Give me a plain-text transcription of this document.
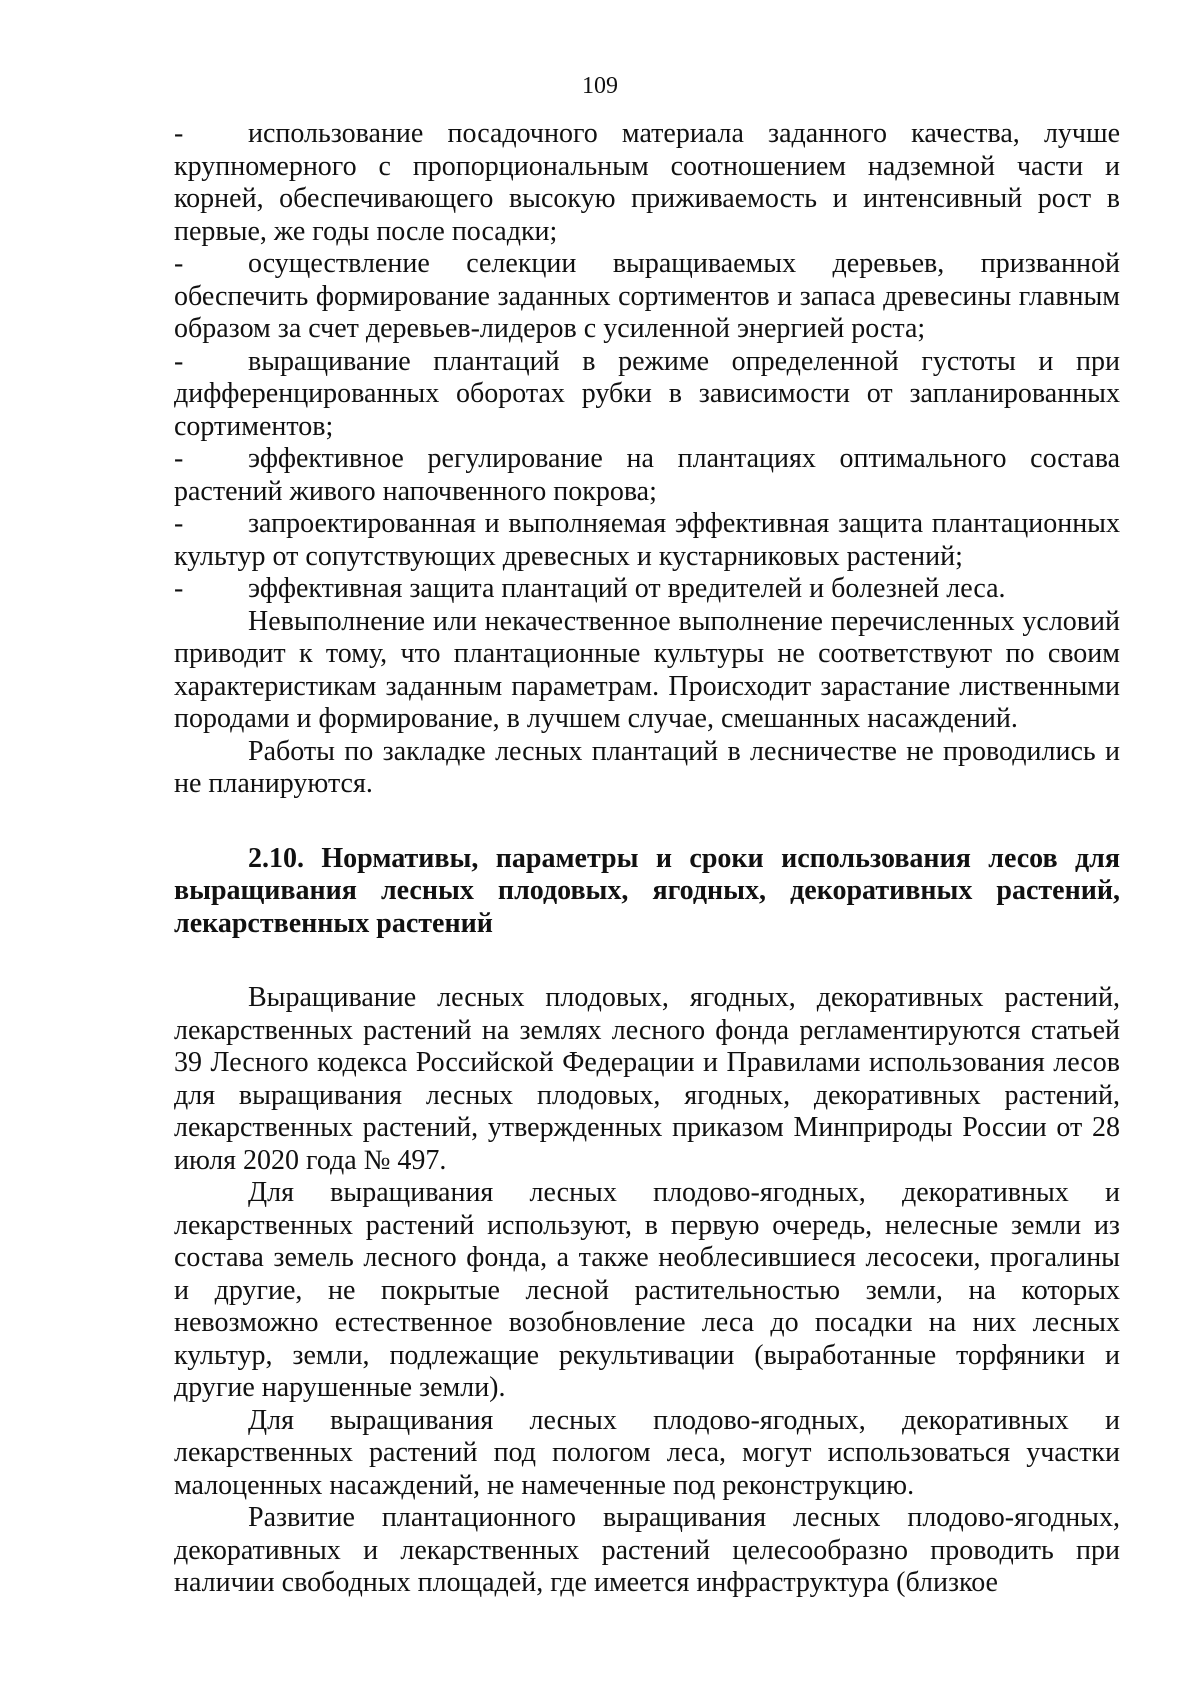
109

-	использование посадочного материала заданного качества, лучше крупномерного с пропорциональным соотношением надземной части и корней, обеспечивающего высокую приживаемость и интенсивный рост в первые, же годы после посадки;

-	осуществление селекции выращиваемых деревьев, призванной обеспечить формирование заданных сортиментов и запаса древесины главным образом за счет деревьев-лидеров с усиленной энергией роста;

-	выращивание плантаций в режиме определенной густоты и при дифференцированных оборотах рубки в зависимости от запланированных сортиментов;

-	эффективное регулирование на плантациях оптимального состава растений живого напочвенного покрова;

-	запроектированная и выполняемая эффективная защита плантационных культур от сопутствующих древесных и кустарниковых растений;

-	эффективная защита плантаций от вредителей и болезней леса.

Невыполнение или некачественное выполнение перечисленных условий приводит к тому, что плантационные культуры не соответствуют по своим характеристикам заданным параметрам. Происходит зарастание лиственными породами и формирование, в лучшем случае, смешанных насаждений.

Работы по закладке лесных плантаций в лесничестве не проводились и не планируются.

2.10. Нормативы, параметры и сроки использования лесов для выращивания лесных плодовых, ягодных, декоративных растений, лекарственных растений

Выращивание лесных плодовых, ягодных, декоративных растений, лекарственных растений на землях лесного фонда регламентируются статьей 39 Лесного кодекса Российской Федерации и Правилами использования лесов для выращивания лесных плодовых, ягодных, декоративных растений, лекарственных растений, утвержденных приказом Минприроды России от 28 июля 2020 года № 497.

Для выращивания лесных плодово-ягодных, декоративных и лекарственных растений используют, в первую очередь, нелесные земли из состава земель лесного фонда, а также необлесившиеся лесосеки, прогалины и другие, не покрытые лесной растительностью земли, на которых невозможно естественное возобновление леса до посадки на них лесных культур, земли, подлежащие рекультивации (выработанные торфяники и другие нарушенные земли).

Для выращивания лесных плодово-ягодных, декоративных и лекарственных растений под пологом леса, могут использоваться участки малоценных насаждений, не намеченные под реконструкцию.

Развитие плантационного выращивания лесных плодово-ягодных, декоративных и лекарственных растений целесообразно проводить при наличии свободных площадей, где имеется инфраструктура (близкое
